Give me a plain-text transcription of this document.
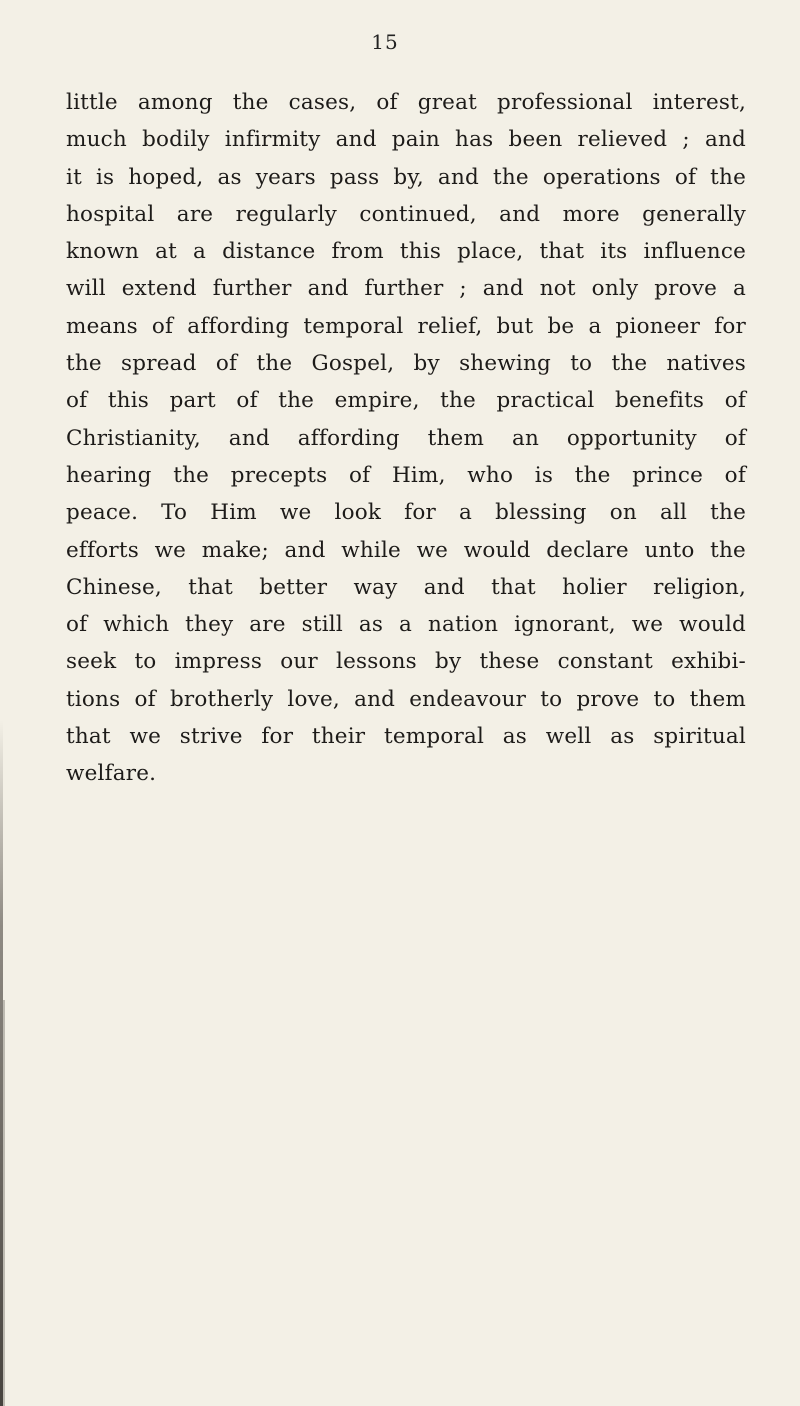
15

little among the cases, of great professional interest,
much bodily infirmity and pain has been relieved ; and
it is hoped, as years pass by, and the operations of the
hospital are regularly continued, and more generally
known at a distance from this place, that its influence
will extend further and further ; and not only prove a
means of affording temporal relief, but be a pioneer for
the spread of the Gospel, by shewing to the natives
of this part of the empire, the practical benefits of
Christianity, and affording them an opportunity of
hearing the precepts of Him, who is the prince of
peace. To Him we look for a blessing on all the
efforts we make; and while we would declare unto the
Chinese, that better way and that holier religion,
of which they are still as a nation ignorant, we would
seek to impress our lessons by these constant exhibi-
tions of brotherly love, and endeavour to prove to them
that we strive for their temporal as well as spiritual
welfare.
